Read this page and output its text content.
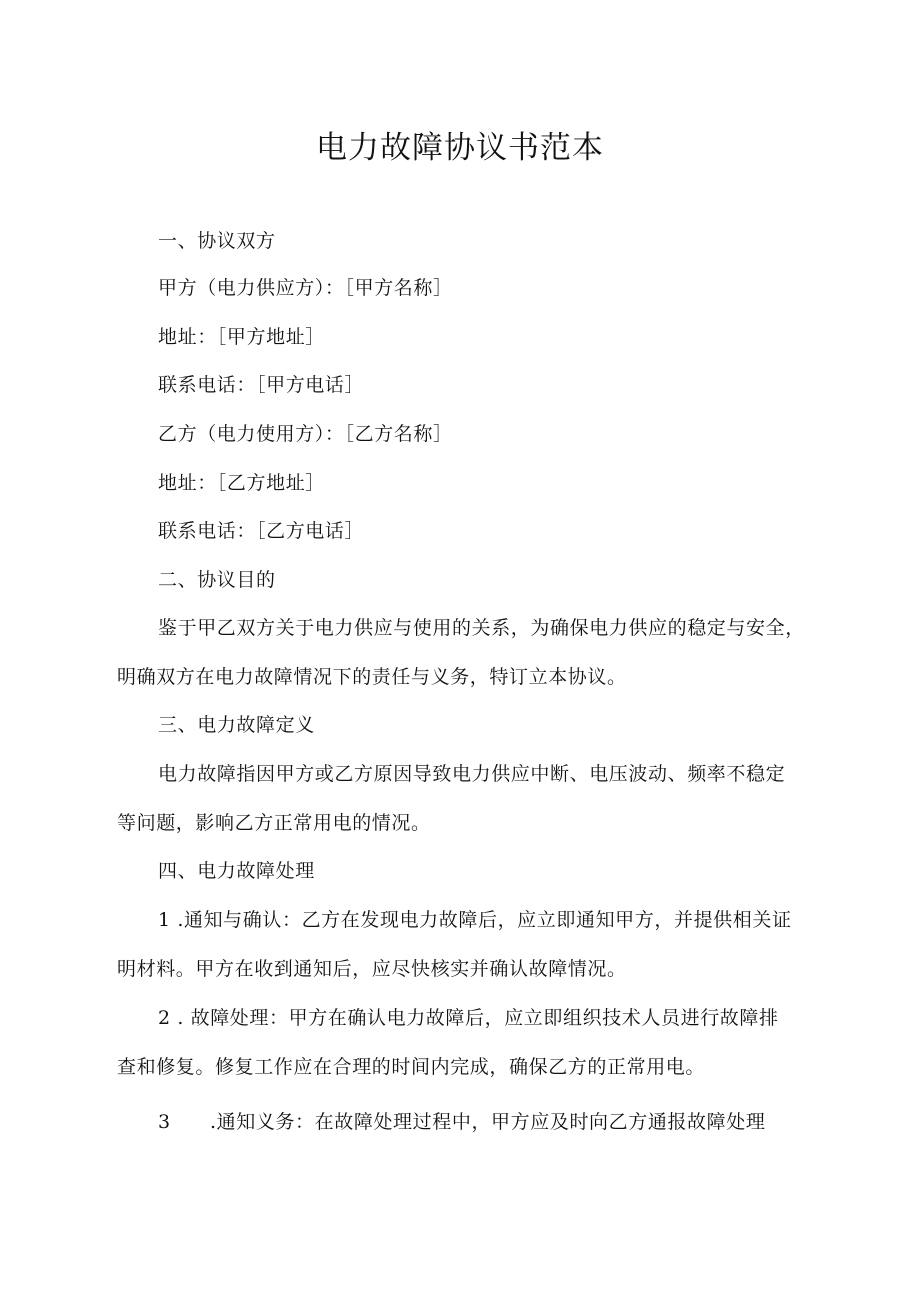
电力故障协议书范本
一、协议双方
甲方（电力供应方）：［甲方名称］
地址：［甲方地址］
联系电话：［甲方电话］
乙方（电力使用方）：［乙方名称］
地址：［乙方地址］
联系电话：［乙方电话］
二、协议目的
鉴于甲乙双方关于电力供应与使用的关系，为确保电力供应的稳定与安全，
明确双方在电力故障情况下的责任与义务，特订立本协议。
三、电力故障定义
电力故障指因甲方或乙方原因导致电力供应中断、电压波动、频率不稳定
等问题，影响乙方正常用电的情况。
四、电力故障处理
1 .通知与确认：乙方在发现电力故障后，应立即通知甲方，并提供相关证
明材料。甲方在收到通知后，应尽快核实并确认故障情况。
2 . 故障处理：甲方在确认电力故障后，应立即组织技术人员进行故障排
查和修复。修复工作应在合理的时间内完成，确保乙方的正常用电。
3 .通知义务：在故障处理过程中，甲方应及时向乙方通报故障处理
